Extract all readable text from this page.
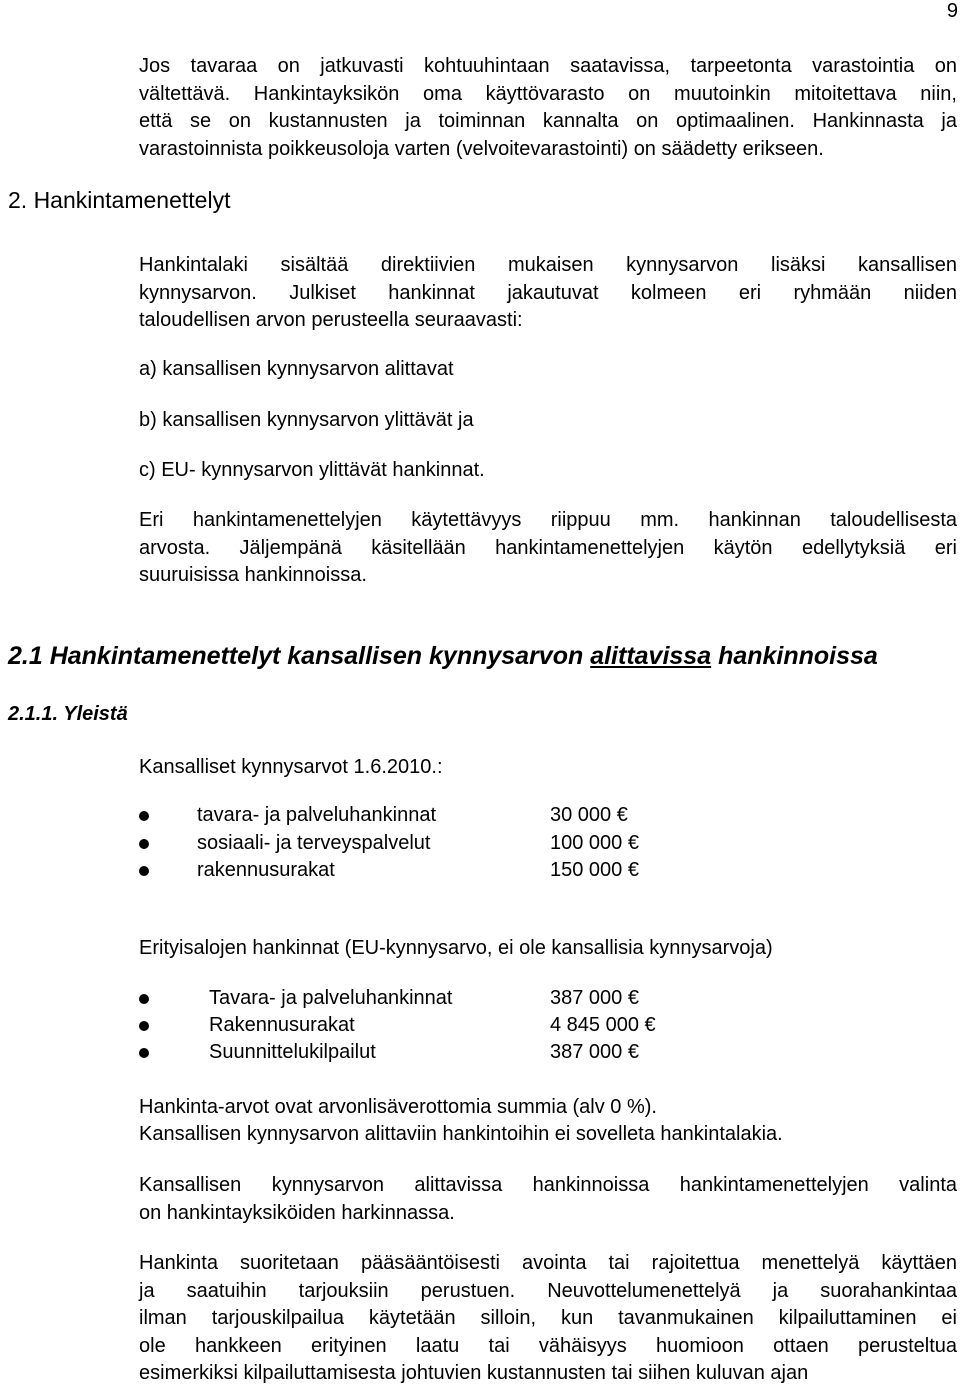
9
Jos tavaraa on jatkuvasti kohtuuhintaan saatavissa, tarpeetonta varastointia on
vältettävä. Hankintayksikön oma käyttövarasto on muutoinkin mitoitettava niin,
että se on kustannusten ja toiminnan kannalta on optimaalinen. Hankinnasta ja
varastoinnista poikkeusoloja varten (velvoitevarastointi) on säädetty erikseen.
2. Hankintamenettelyt
Hankintalaki sisältää direktiivien mukaisen kynnysarvon lisäksi kansallisen
kynnysarvon. Julkiset hankinnat jakautuvat kolmeen eri ryhmään niiden
taloudellisen arvon perusteella seuraavasti:
a) kansallisen kynnysarvon alittavat
b) kansallisen kynnysarvon ylittävät ja
c) EU- kynnysarvon ylittävät hankinnat.
Eri hankintamenettelyjen käytettävyys riippuu mm. hankinnan taloudellisesta
arvosta. Jäljempänä käsitellään hankintamenettelyjen käytön edellytyksiä eri
suuruisissa hankinnoissa.
2.1 Hankintamenettelyt kansallisen kynnysarvon alittavissa hankinnoissa
2.1.1. Yleistä
Kansalliset kynnysarvot 1.6.2010.:
tavara- ja palveluhankinnat	30 000 €
sosiaali- ja terveyspalvelut	100 000 €
rakennusurakat	150 000 €
Erityisalojen hankinnat (EU-kynnysarvo, ei ole kansallisia kynnysarvoja)
Tavara- ja palveluhankinnat	387 000 €
Rakennusurakat	4 845 000 €
Suunnittelukilpailut	387 000 €
Hankinta-arvot ovat arvonlisäverottomia summia (alv 0 %).
Kansallisen kynnysarvon alittaviin hankintoihin ei sovelleta hankintalakia.
Kansallisen kynnysarvon alittavissa hankinnoissa hankintamenettelyjen valinta
on hankintayksiköiden harkinnassa.
Hankinta suoritetaan pääsääntöisesti avointa tai rajoitettua menettelyä käyttäen
ja saatuihin tarjouksiin perustuen. Neuvottelumenettelyä ja suorahankintaa
ilman tarjouskilpailua käytetään silloin, kun tavanmukainen kilpailuttaminen ei
ole hankkeen erityinen laatu tai vähäisyys huomioon ottaen perusteltua
esimerkiksi kilpailuttamisesta johtuvien kustannusten tai siihen kuluvan ajan
